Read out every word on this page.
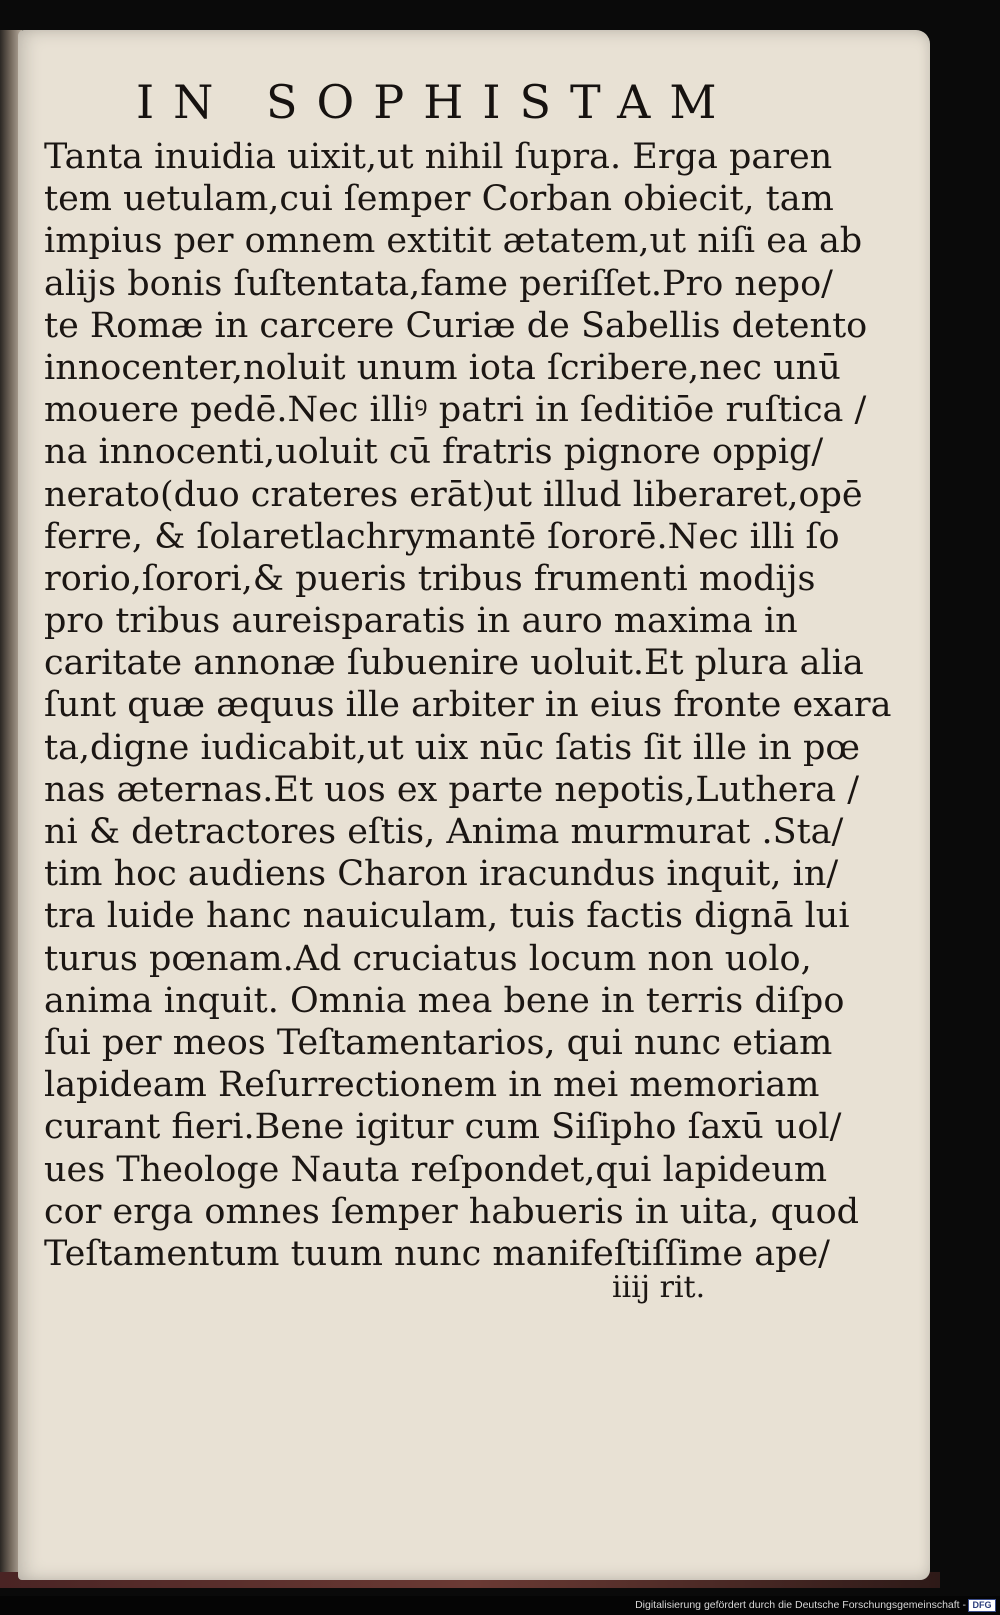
IN SOPHISTAM
Tanta inuidia uixit,ut nihil ſupra. Erga paren
tem uetulam,cui ſemper Corban obiecit, tam
impius per omnem extitit ætatem,ut niſi ea ab
alijs bonis ſuſtentata,fame periſſet.Pro nepo/
te Romæ in carcere Curiæ de Sabellis detento
innocenter,noluit unum iota ſcribere,nec unū
mouere pedē.Nec illiꝰ patri in ſeditiōe ruſtica /
na innocenti,uoluit cū fratris pignore oppig/
nerato(duo crateres erāt)ut illud liberaret,opē
ferre, & ſolaretlachrymantē ſororē.Nec illi ſo
rorio,ſorori,& pueris tribus frumenti modijs
pro tribus aureisparatis in auro maxima in
caritate annonæ ſubuenire uoluit.Et plura alia
ſunt quæ æquus ille arbiter in eius fronte exara
ta,digne iudicabit,ut uix nūc ſatis ſit ille in pœ
nas æternas.Et uos ex parte nepotis,Luthera /
ni & detractores eſtis, Anima murmurat .Sta/
tim hoc audiens Charon iracundus inquit, in/
tra luide hanc nauiculam, tuis factis dignā lui
turus pœnam.Ad cruciatus locum non uolo,
anima inquit. Omnia mea bene in terris diſpo
ſui per meos Teſtamentarios, qui nunc etiam
lapideam Reſurrectionem in mei memoriam
curant fieri.Bene igitur cum Siſipho ſaxū uol/
ues Theologe Nauta reſpondet,qui lapideum
cor erga omnes ſemper habueris in uita, quod
Teſtamentum tuum nunc manifeſtiſſime ape/
iiij rit.
Digitalisierung gefördert durch die Deutsche Forschungsgemeinschaft - DFG
